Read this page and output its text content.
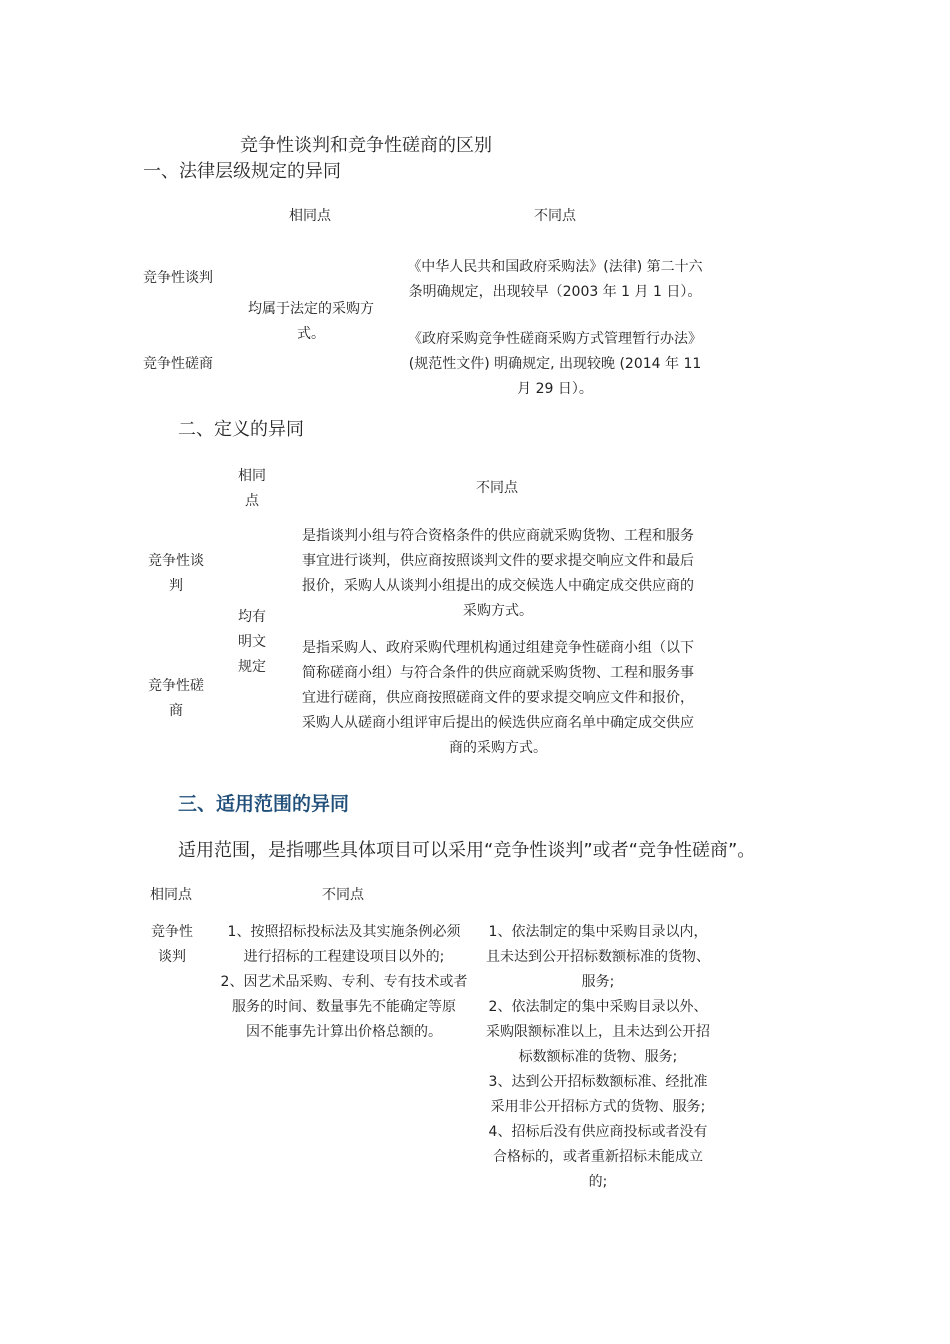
竞争性谈判和竞争性磋商的区别
一、法律层级规定的异同
相同点	不同点
竞争性谈判
竞争性磋商
均属于法定的采购方
式。
《中华人民共和国政府采购法》(法律) 第二十六
条明确规定，出现较早（2003 年 1 月 1 日）。
《政府采购竞争性磋商采购方式管理暂行办法》
(规范性文件) 明确规定, 出现较晚 (2014 年 11
月 29 日）。
二、定义的异同
相同
点
不同点
竞争性谈
判
竞争性磋
商
均有
明文
规定
是指谈判小组与符合资格条件的供应商就采购货物、工程和服务
事宜进行谈判，供应商按照谈判文件的要求提交响应文件和最后
报价，采购人从谈判小组提出的成交候选人中确定成交供应商的
采购方式。
是指采购人、政府采购代理机构通过组建竞争性磋商小组（以下
简称磋商小组）与符合条件的供应商就采购货物、工程和服务事
宜进行磋商，供应商按照磋商文件的要求提交响应文件和报价，
采购人从磋商小组评审后提出的候选供应商名单中确定成交供应
商的采购方式。
三、适用范围的异同
适用范围，是指哪些具体项目可以采用“竞争性谈判”或者“竞争性磋商”。
相同点	不同点
竞争性
谈判
1、按照招标投标法及其实施条例必须
进行招标的工程建设项目以外的;
2、因艺术品采购、专利、专有技术或者
服务的时间、数量事先不能确定等原
因不能事先计算出价格总额的。
1、依法制定的集中采购目录以内，
且未达到公开招标数额标准的货物、
服务;
2、依法制定的集中采购目录以外、
采购限额标准以上，且未达到公开招
标数额标准的货物、服务;
3、达到公开招标数额标准、经批准
采用非公开招标方式的货物、服务;
4、招标后没有供应商投标或者没有
合格标的，或者重新招标未能成立
的;
